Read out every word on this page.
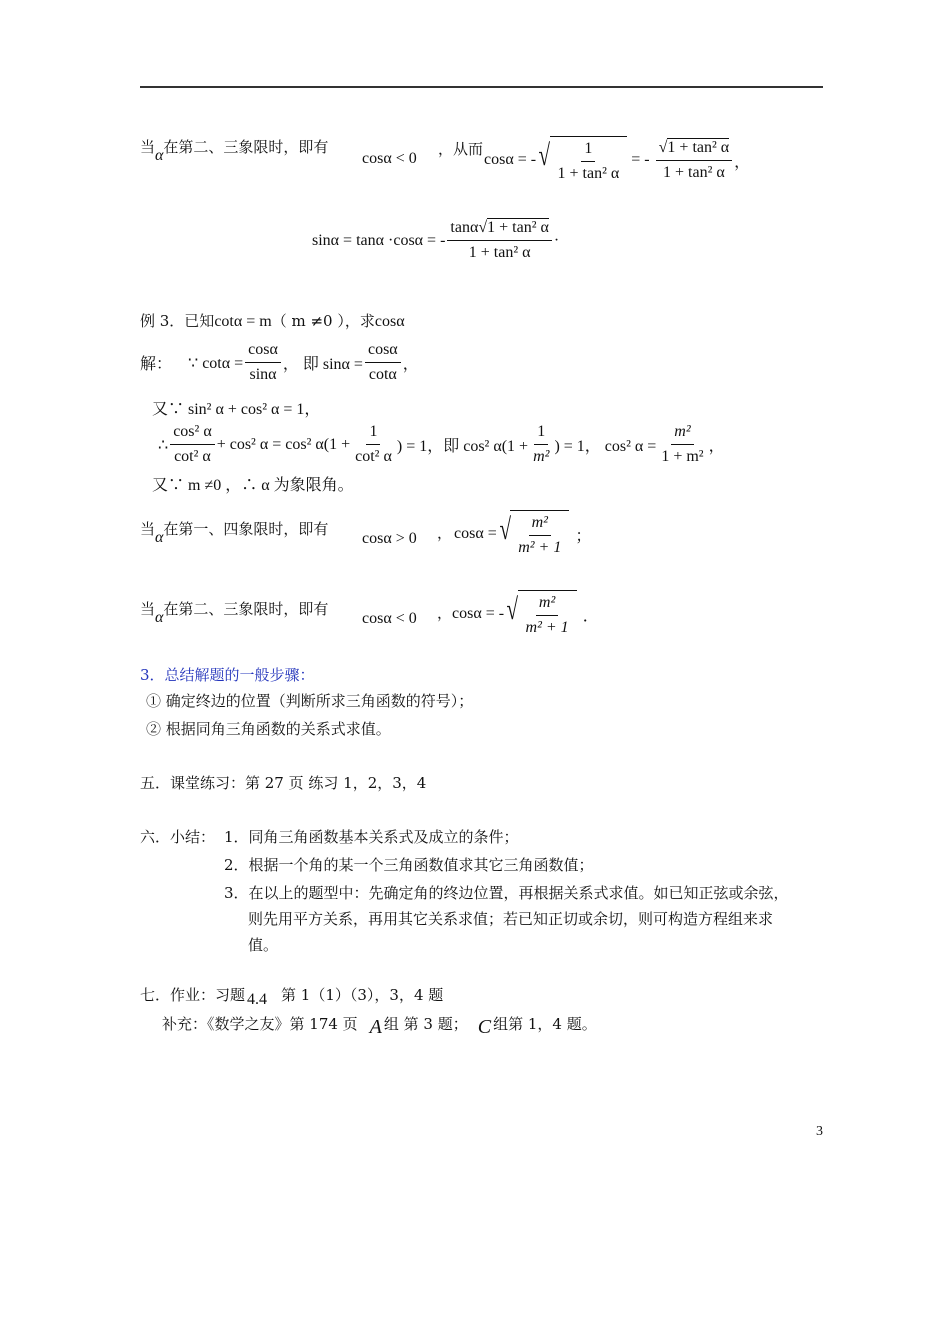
当α在第二、三象限时，即有
cosα < 0
，从而
cosα = - √ $\frac{1}{\text{1 + tan² α}}$ = - $\frac{\text{√1 + tan² α}}{\text{1 + tan² α}}$ ，
sinα = tanα ·cosα = - $\frac{\text{tanα√1 + tan² α}}{\text{1 + tan² α}}$ ·
例 3．已知cotα = m（ m ≠0 ），求cosα
解： ∵ $\cot\alpha = \frac{\cos\alpha}{\sin\alpha}$ ， 即 $\sin\alpha = \frac{\cos\alpha}{\cot\alpha}$ ，
又∵ sin² α + cos² α = 1，
∴ $\frac{\text{cos² α}}{\text{cot² α}} + \cos^2$ α = cos² $\alpha(1 + \frac{1}{\text{cot² α}}$ ) = 1，即 cos² $\alpha(1 + \frac{1}{\text{m²}}$ ) = 1， cos² $\alpha = \frac{\text{m²}}{\text{1 + m²}}$ ，
又∵ m ≠0 ，∴ α 为象限角。
当α在第一、四象限时，即有
cosα > 0 ， cosα = √ $\frac{\text{m²}}{\text{m² + 1}}$ ；
当α在第二、三象限时，即有
cosα < 0 ， cosα = - √ $\frac{\text{m²}}{\text{m² + 1}}$ ．
3．总结解题的一般步骤：
① 确定终边的位置（判断所求三角函数的符号）；
② 根据同角三角函数的关系式求值。
五．课堂练习：第 27 页 练习 1，2，3，4
六．小结： 1．同角三角函数基本关系式及成立的条件；
2．根据一个角的某一个三角函数值求其它三角函数值；
3．在以上的题型中：先确定角的终边位置，再根据关系式求值。如已知正弦或余弦，
则先用平方关系，再用其它关系求值；若已知正切或余切，则可构造方程组来求
值。
七．作业：习题 4.4 第 1（1）（3），3，4 题
补充：《数学之友》第 174 页 A 组 第 3 题； C 组第 1，4 题。
3
